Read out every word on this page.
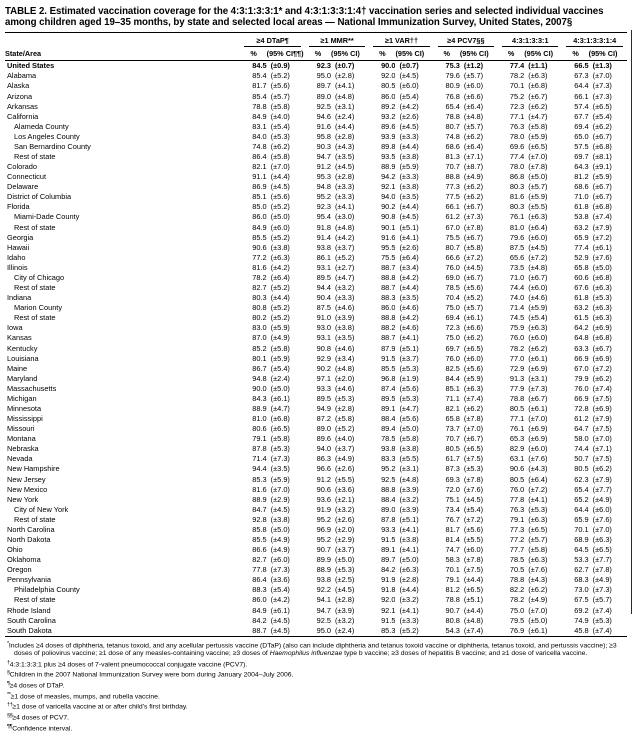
TABLE 2. Estimated vaccination coverage for the 4:3:1:3:3:1* and 4:3:1:3:3:1:4† vaccination series and selected individual vaccines among children aged 19–35 months, by state and selected local areas — National Immunization Survey, United States, 2007§

	≥4 DTaP¶		≥1 MMR**		≥1 VAR††		≥4 PCV7§§		4:3:1:3:3:1		4:3:1:3:3:1:4	

State/Area	%	(95% CI¶¶)	%	(95% CI)	%	(95% CI)	%	(95% CI)	%	(95% CI)	%	(95% CI)
United States	84.5	(±0.9)	92.3	(±0.7)	90.0	(±0.7)	75.3	(±1.2)	77.4	(±1.1)	66.5	(±1.3)
Alabama	85.4	(±5.2)	95.0	(±2.8)	92.0	(±4.5)	79.6	(±5.7)	78.2	(±6.3)	67.3	(±7.0)
Alaska	81.7	(±5.6)	89.7	(±4.1)	80.5	(±6.0)	80.9	(±6.0)	70.1	(±6.8)	64.4	(±7.3)
Arizona	85.4	(±5.7)	89.0	(±4.8)	86.0	(±5.4)	76.8	(±6.6)	75.2	(±6.7)	66.1	(±7.3)
Arkansas	78.8	(±5.8)	92.5	(±3.1)	89.2	(±4.2)	65.4	(±6.4)	72.3	(±6.2)	57.4	(±6.5)
California	84.9	(±4.0)	94.6	(±2.4)	93.2	(±2.6)	78.8	(±4.8)	77.1	(±4.7)	67.7	(±5.4)
Alameda County	83.1	(±5.4)	91.6	(±4.4)	89.6	(±4.5)	80.7	(±5.7)	76.3	(±5.8)	69.4	(±6.2)
Los Angeles County	84.0	(±5.3)	95.8	(±2.8)	93.9	(±3.3)	74.8	(±6.2)	78.0	(±5.9)	65.0	(±6.7)
San Bernardino County	74.8	(±6.2)	90.3	(±4.3)	89.8	(±4.4)	68.6	(±6.4)	69.6	(±6.5)	57.5	(±6.8)
Rest of state	86.4	(±5.8)	94.7	(±3.5)	93.5	(±3.8)	81.3	(±7.1)	77.4	(±7.0)	69.7	(±8.1)
Colorado	82.1	(±7.0)	91.2	(±4.5)	88.9	(±5.9)	70.7	(±8.7)	78.0	(±7.8)	64.3	(±9.1)
Connecticut	91.1	(±4.4)	95.3	(±2.8)	94.2	(±3.3)	88.8	(±4.9)	86.8	(±5.0)	81.2	(±5.9)
Delaware	86.9	(±4.5)	94.8	(±3.3)	92.1	(±3.8)	77.3	(±6.2)	80.3	(±5.7)	68.6	(±6.7)
District of Columbia	85.1	(±5.6)	95.2	(±3.3)	94.0	(±3.5)	77.5	(±6.2)	81.6	(±5.9)	71.0	(±6.7)
Florida	85.0	(±5.2)	92.3	(±4.1)	90.2	(±4.4)	66.1	(±6.7)	80.3	(±5.5)	61.8	(±6.8)
Miami-Dade County	86.0	(±5.0)	95.4	(±3.0)	90.8	(±4.5)	61.2	(±7.3)	76.1	(±6.3)	53.8	(±7.4)
Rest of state	84.9	(±6.0)	91.8	(±4.8)	90.1	(±5.1)	67.0	(±7.8)	81.0	(±6.4)	63.2	(±7.9)
Georgia	85.5	(±5.2)	91.4	(±4.2)	91.6	(±4.1)	75.5	(±6.7)	79.6	(±6.0)	65.9	(±7.2)
Hawaii	90.6	(±3.8)	93.8	(±3.7)	95.5	(±2.6)	80.7	(±5.8)	87.5	(±4.5)	77.4	(±6.1)
Idaho	77.2	(±6.3)	86.1	(±5.2)	75.5	(±6.4)	66.6	(±7.2)	65.6	(±7.2)	52.9	(±7.6)
Illinois	81.6	(±4.2)	93.1	(±2.7)	88.7	(±3.4)	76.0	(±4.5)	73.5	(±4.8)	65.8	(±5.0)
City of Chicago	78.2	(±6.4)	89.5	(±4.7)	88.8	(±4.2)	69.0	(±6.7)	71.0	(±6.7)	60.6	(±6.8)
Rest of state	82.7	(±5.2)	94.4	(±3.2)	88.7	(±4.4)	78.5	(±5.6)	74.4	(±6.0)	67.6	(±6.3)
Indiana	80.3	(±4.4)	90.4	(±3.3)	88.3	(±3.5)	70.4	(±5.2)	74.0	(±4.6)	61.8	(±5.3)
Marion County	80.8	(±5.2)	87.5	(±4.6)	86.0	(±4.6)	75.0	(±5.7)	71.4	(±5.9)	63.2	(±6.3)
Rest of state	80.2	(±5.2)	91.0	(±3.9)	88.8	(±4.2)	69.4	(±6.1)	74.5	(±5.4)	61.5	(±6.3)
Iowa	83.0	(±5.9)	93.0	(±3.8)	88.2	(±4.6)	72.3	(±6.6)	75.9	(±6.3)	64.2	(±6.9)
Kansas	87.0	(±4.9)	93.1	(±3.5)	88.7	(±4.1)	75.0	(±6.2)	76.0	(±6.0)	64.8	(±6.8)
Kentucky	85.2	(±5.8)	90.8	(±4.6)	87.9	(±5.1)	69.7	(±6.5)	78.2	(±6.2)	63.3	(±6.7)
Louisiana	80.1	(±5.9)	92.9	(±3.4)	91.5	(±3.7)	76.0	(±6.0)	77.0	(±6.1)	66.9	(±6.9)
Maine	86.7	(±5.4)	90.2	(±4.8)	85.5	(±5.3)	82.5	(±5.6)	72.9	(±6.9)	67.0	(±7.2)
Maryland	94.8	(±2.4)	97.1	(±2.0)	96.8	(±1.9)	84.4	(±5.9)	91.3	(±3.1)	79.9	(±6.2)
Massachusetts	90.0	(±5.0)	93.3	(±4.6)	87.4	(±5.6)	85.1	(±6.3)	77.9	(±7.3)	76.0	(±7.4)
Michigan	84.3	(±6.1)	89.5	(±5.3)	89.5	(±5.3)	71.1	(±7.4)	78.8	(±6.7)	66.9	(±7.5)
Minnesota	88.9	(±4.7)	94.9	(±2.8)	89.1	(±4.7)	82.1	(±6.2)	80.5	(±6.1)	72.8	(±6.9)
Mississippi	81.0	(±6.8)	87.2	(±5.8)	88.4	(±5.6)	65.8	(±7.8)	77.1	(±7.0)	61.2	(±7.9)
Missouri	80.6	(±6.5)	89.0	(±5.2)	89.4	(±5.0)	73.7	(±7.0)	76.1	(±6.9)	64.7	(±7.5)
Montana	79.1	(±5.8)	89.6	(±4.0)	78.5	(±5.8)	70.7	(±6.7)	65.3	(±6.9)	58.0	(±7.0)
Nebraska	87.8	(±5.3)	94.0	(±3.7)	93.8	(±3.8)	80.5	(±6.5)	82.9	(±6.0)	74.4	(±7.1)
Nevada	71.4	(±7.3)	86.3	(±4.9)	83.3	(±5.5)	61.7	(±7.5)	63.1	(±7.6)	50.7	(±7.5)
New Hampshire	94.4	(±3.5)	96.6	(±2.6)	95.2	(±3.1)	87.3	(±5.3)	90.6	(±4.3)	80.5	(±6.2)
New Jersey	85.3	(±5.9)	91.2	(±5.5)	92.5	(±4.8)	69.3	(±7.8)	80.5	(±6.4)	62.3	(±7.9)
New Mexico	81.6	(±7.0)	90.6	(±3.6)	88.8	(±3.9)	72.0	(±7.6)	76.0	(±7.2)	65.4	(±7.7)
New York	88.9	(±2.9)	93.6	(±2.1)	88.4	(±3.2)	75.1	(±4.5)	77.8	(±4.1)	65.2	(±4.9)
City of New York	84.7	(±4.5)	91.9	(±3.2)	89.0	(±3.9)	73.4	(±5.4)	76.3	(±5.3)	64.4	(±6.0)
Rest of state	92.8	(±3.8)	95.2	(±2.6)	87.8	(±5.1)	76.7	(±7.2)	79.1	(±6.3)	65.9	(±7.6)
North Carolina	85.8	(±5.0)	96.9	(±2.0)	93.3	(±4.1)	81.7	(±5.6)	77.3	(±6.5)	70.1	(±7.0)
North Dakota	85.5	(±4.9)	95.2	(±2.9)	91.5	(±3.8)	81.4	(±5.5)	77.2	(±5.7)	68.9	(±6.3)
Ohio	86.6	(±4.9)	90.7	(±3.7)	89.1	(±4.1)	74.7	(±6.0)	77.7	(±5.8)	64.5	(±6.5)
Oklahoma	82.7	(±6.0)	89.9	(±5.0)	89.7	(±5.0)	58.3	(±7.8)	78.5	(±6.3)	53.3	(±7.7)
Oregon	77.8	(±7.3)	88.9	(±5.3)	84.2	(±6.3)	70.1	(±7.5)	70.5	(±7.6)	62.7	(±7.8)
Pennsylvania	86.4	(±3.6)	93.8	(±2.5)	91.9	(±2.8)	79.1	(±4.4)	78.8	(±4.3)	68.3	(±4.9)
Philadelphia County	88.3	(±5.4)	92.2	(±4.5)	91.8	(±4.4)	81.2	(±6.5)	82.2	(±6.2)	73.0	(±7.3)
Rest of state	86.0	(±4.2)	94.1	(±2.8)	92.0	(±3.2)	78.8	(±5.1)	78.2	(±4.9)	67.5	(±5.7)
Rhode Island	84.9	(±6.1)	94.7	(±3.9)	92.1	(±4.1)	90.7	(±4.4)	75.0	(±7.0)	69.2	(±7.4)
South Carolina	84.2	(±4.5)	92.5	(±3.2)	91.5	(±3.3)	80.8	(±4.8)	79.5	(±5.0)	74.9	(±5.3)
South Dakota	88.7	(±4.5)	95.0	(±2.4)	85.3	(±5.2)	54.3	(±7.4)	76.9	(±6.1)	45.8	(±7.4)
*Includes ≥4 doses of diphtheria, tetanus toxoid, and any acellular pertussis vaccine (DTaP) (also can include diphtheria and tetanus toxoid vaccine or diphtheria, tetanus toxoid, and pertussis vaccine); ≥3 doses of poliovirus vaccine; ≥1 dose of any measles-containing vaccine; ≥3 doses of Haemophilus influenzae type b vaccine; ≥3 doses of hepatitis B vaccine; and ≥1 dose of varicella vaccine.
†4:3:1:3:3:1 plus ≥4 doses of 7-valent pneumococcal conjugate vaccine (PCV7).
§Children in the 2007 National Immunization Survey were born during January 2004–July 2006.
¶≥4 doses of DTaP.
**≥1 dose of measles, mumps, and rubella vaccine.
††≥1 dose of varicella vaccine at or after child's first birthday.
§§≥4 doses of PCV7.
¶¶Confidence interval.
